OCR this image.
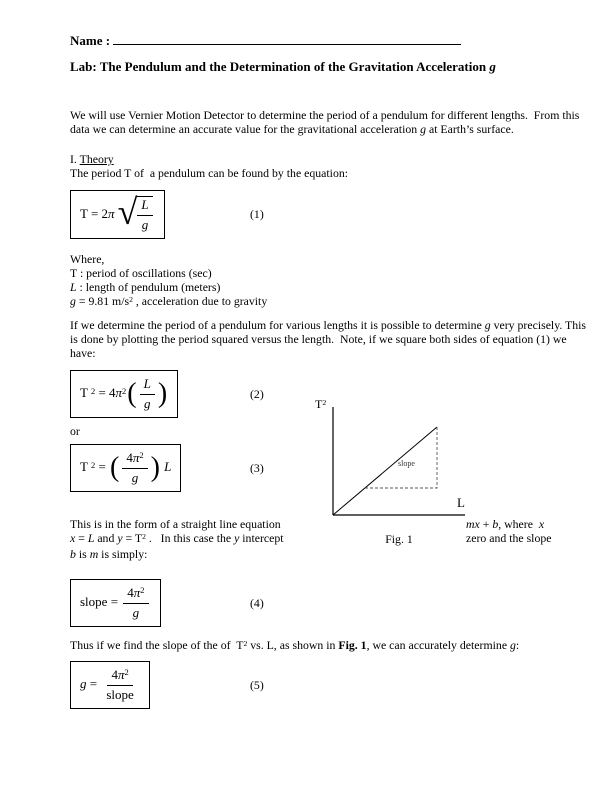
Name :
Lab: The Pendulum and the Determination of the Gravitation Acceleration g
We will use Vernier Motion Detector to determine the period of a pendulum for different lengths.  From this data we can determine an accurate value for the gravitational acceleration g at Earth’s surface.
I. Theory
The period T of  a pendulum can be found by the equation:
T = 2π √ $\frac{L}{g}$	(1)
Where,
T : period of oscillations (sec)
L : length of pendulum (meters)
g = 9.81 $m/s^2$ , acceleration due to gravity
If we determine the period of a pendulum for various lengths it is possible to determine g very precisely. This is done by plotting the period squared versus the length.  Note, if we square both sides of equation (1) we have:
T $^2 = 4\pi^2$ ( $\frac{L}{g}$ )	(2)
or
T $^2$ = ( $\frac{4\pi^2}{g}$ ) L	(3)
$T^2$
L
slope
Fig. 1
This is in the form of a straight line equation
x = L and $y = T^2$ .   In this case the y intercept
b is m is simply:
mx + b, where  x
zero and the slope
slope = $\frac{4\pi^2}{g}$	(4)
Thus if we find the slope of the of  $T^2$ vs. L, as shown in Fig. 1, we can accurately determine g:
$g = \frac{4\pi^2}{\text{slope}}$	(5)
